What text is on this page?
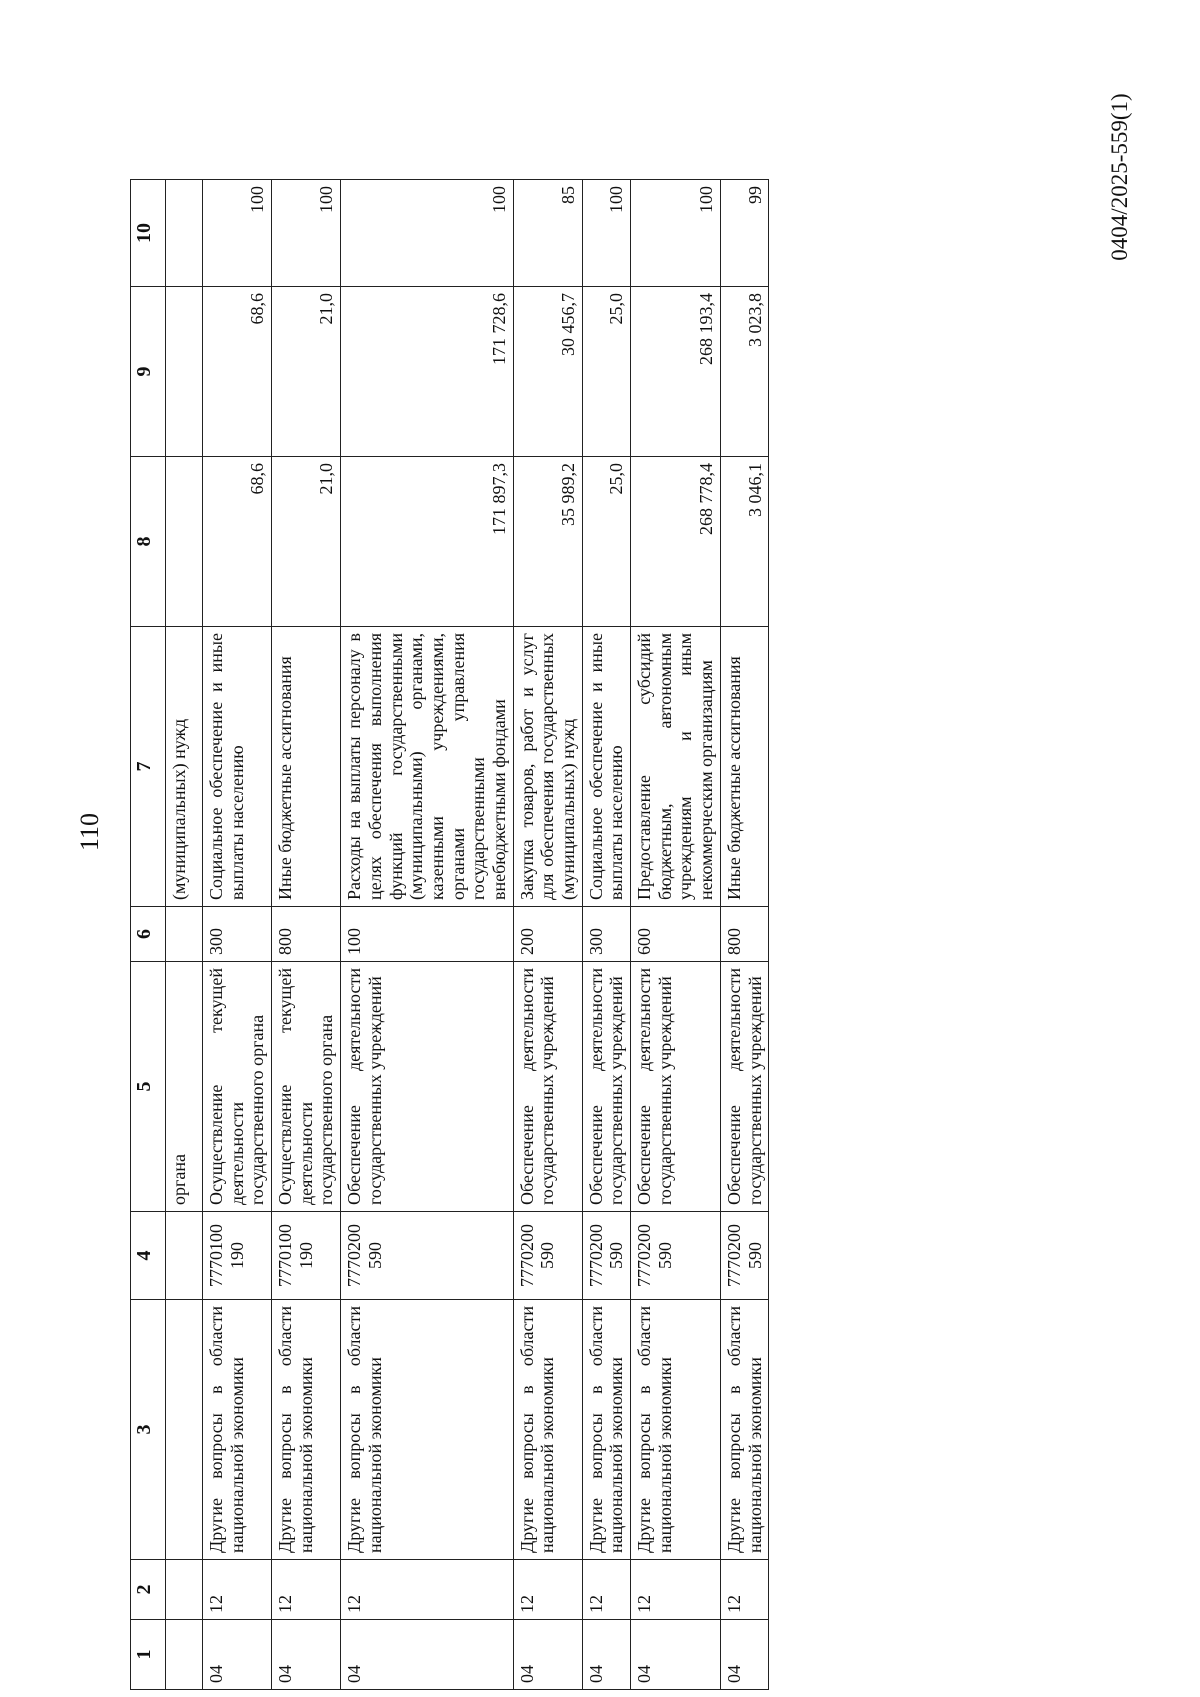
110
0404/2025-559(1)
1	2	3	4	5	6	7	8	9	10
				органа		(муниципальных) нужд			
04	12	Другие вопросы в области национальной экономики	7770100 190	Осуществление текущей деятельности государственного органа	300	Социальное обеспечение и иные выплаты населению	68,6	68,6	100
04	12	Другие вопросы в области национальной экономики	7770100 190	Осуществление текущей деятельности государственного органа	800	Иные бюджетные ассигнования	21,0	21,0	100
04	12	Другие вопросы в области национальной экономики	7770200 590	Обеспечение деятельности государственных учреждений	100	Расходы на выплаты персоналу в целях обеспечения выполнения функций государственными (муниципальными) органами, казенными учреждениями, органами управления государственными внебюджетными фондами	171 897,3	171 728,6	100
04	12	Другие вопросы в области национальной экономики	7770200 590	Обеспечение деятельности государственных учреждений	200	Закупка товаров, работ и услуг для обеспечения государственных (муниципальных) нужд	35 989,2	30 456,7	85
04	12	Другие вопросы в области национальной экономики	7770200 590	Обеспечение деятельности государственных учреждений	300	Социальное обеспечение и иные выплаты населению	25,0	25,0	100
04	12	Другие вопросы в области национальной экономики	7770200 590	Обеспечение деятельности государственных учреждений	600	Предоставление субсидий бюджетным, автономным учреждениям и иным некоммерческим организациям	268 778,4	268 193,4	100
04	12	Другие вопросы в области национальной экономики	7770200 590	Обеспечение деятельности государственных учреждений	800	Иные бюджетные ассигнования	3 046,1	3 023,8	99
